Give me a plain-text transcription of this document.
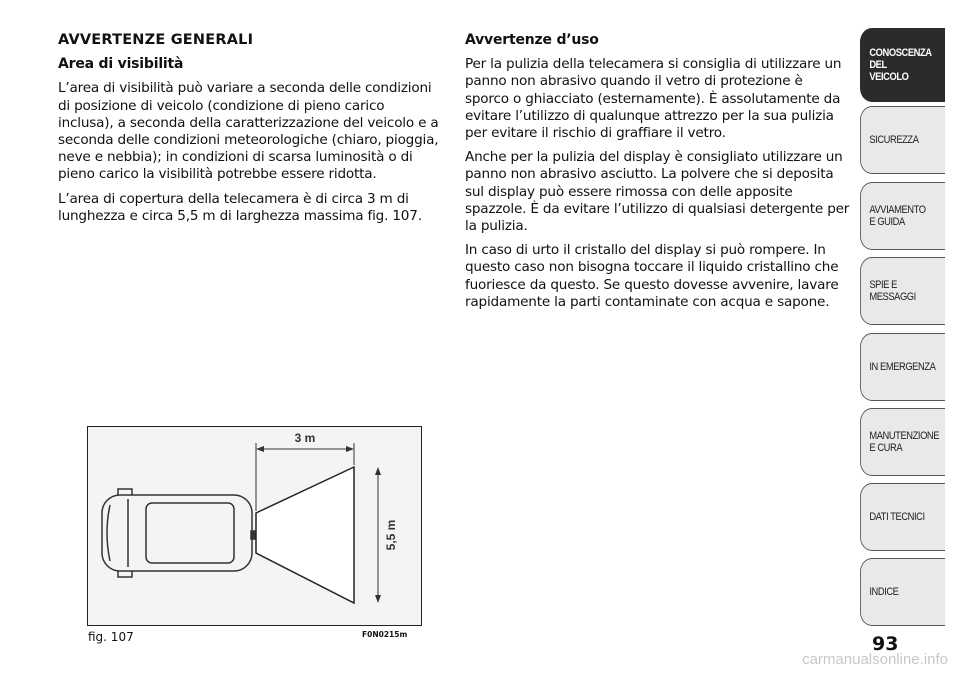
AVVERTENZE GENERALI
Area di visibilità

L’area di visibilità può variare a seconda delle condizioni di posizione di veicolo (condizione di pieno carico inclusa), a seconda della caratterizzazione del veicolo e a seconda delle condizioni meteorologiche (chiaro, pioggia, neve e nebbia); in condizioni di scarsa luminosità o di pieno carico la visibilità potrebbe essere ridotta.

L’area di copertura della telecamera è di circa 3 m di lunghezza e circa 5,5 m di larghezza massima fig. 107.

Avvertenze d’uso

Per la pulizia della telecamera si consiglia di utilizzare un panno non abrasivo quando il vetro di protezione è sporco o ghiacciato (esternamente). È assolutamente da evitare l’utilizzo di qualunque attrezzo per la sua pulizia per evitare il rischio di graffiare il vetro.

Anche per la pulizia del display è consigliato utilizzare un panno non abrasivo asciutto. La polvere che si deposita sul display può essere rimossa con delle apposite spazzole. È da evitare l’utilizzo di qualsiasi detergente per la pulizia.

In caso di urto il cristallo del display si può rompere. In questo caso non bisogna toccare il liquido cristallino che fuoriesce da questo. Se questo dovesse avvenire, lavare rapidamente la parti contaminate con acqua e sapone.

3 m
5,5 m
fig. 107	F0N0215m
CONOSCENZA
DEL
VEICOLO
SICUREZZA
AVVIAMENTO
E GUIDA
SPIE E
MESSAGGI
IN EMERGENZA
MANUTENZIONE
E CURA
DATI TECNICI
INDICE
93
carmanualsonline.info
